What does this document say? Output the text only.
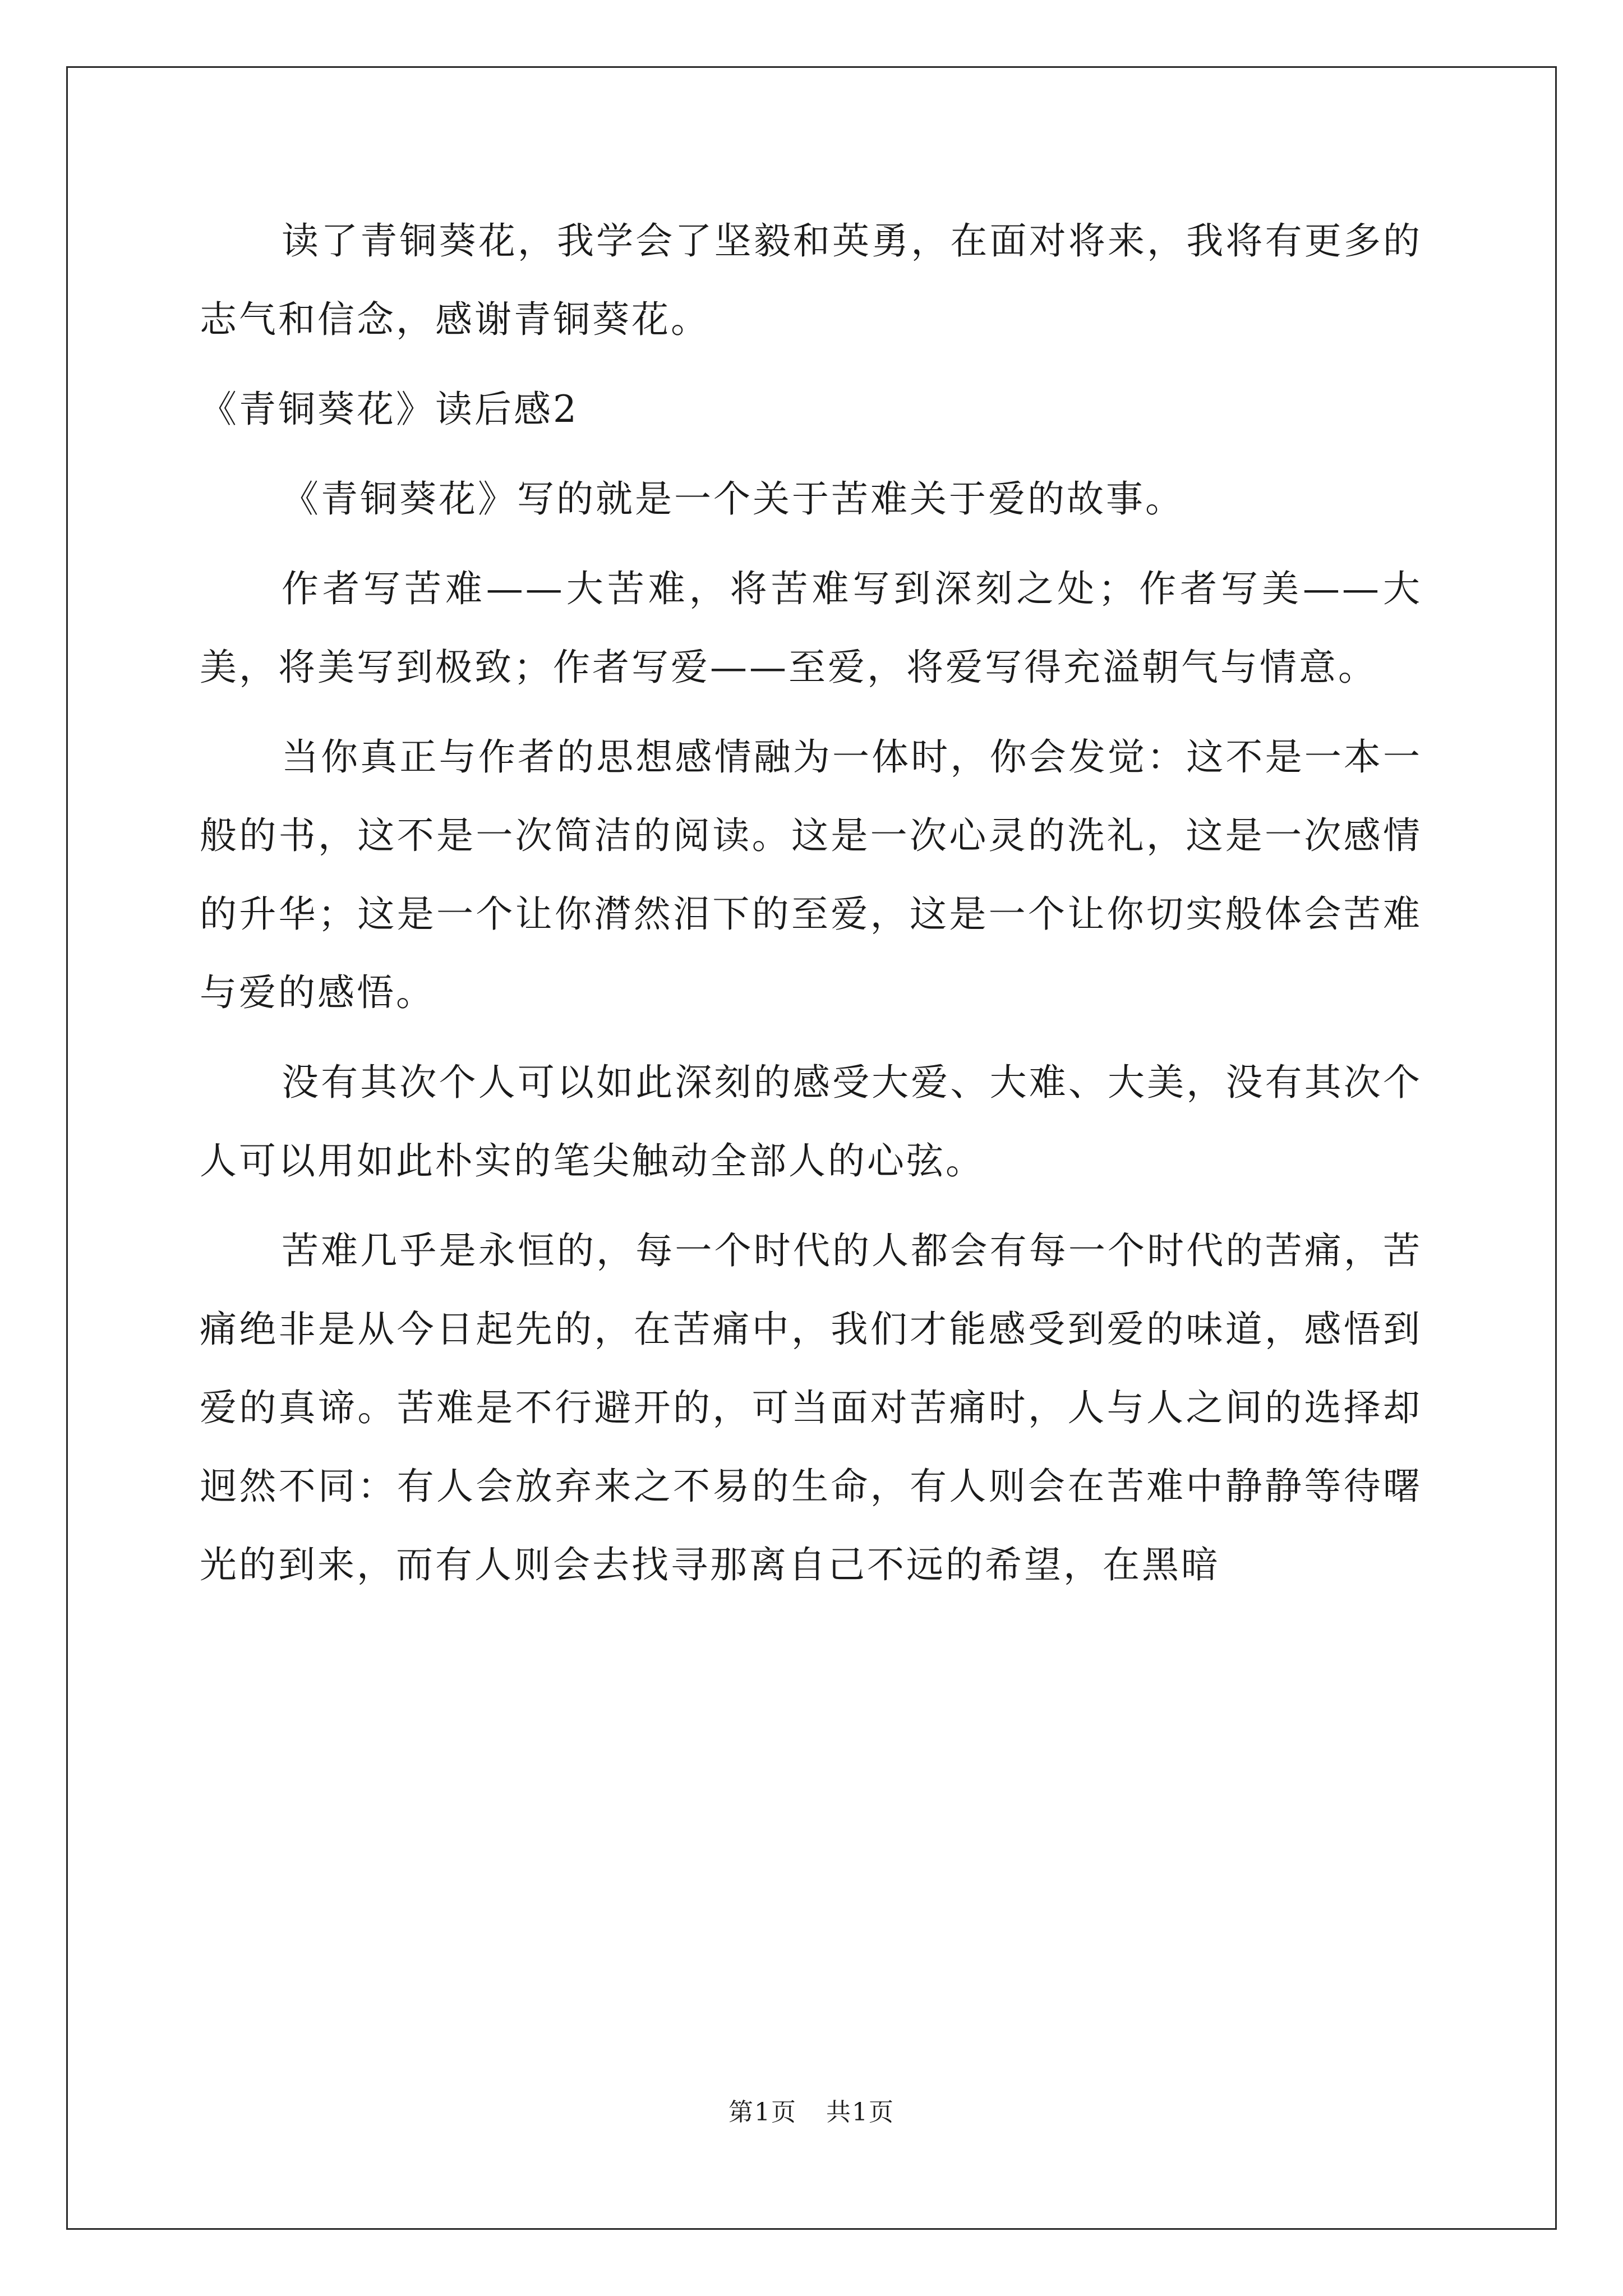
读了青铜葵花，我学会了坚毅和英勇，在面对将来，我将有更多的志气和信念，感谢青铜葵花。

《青铜葵花》读后感2

《青铜葵花》写的就是一个关于苦难关于爱的故事。

作者写苦难——大苦难，将苦难写到深刻之处；作者写美——大美，将美写到极致；作者写爱——至爱，将爱写得充溢朝气与情意。

当你真正与作者的思想感情融为一体时，你会发觉：这不是一本一般的书，这不是一次简洁的阅读。这是一次心灵的洗礼，这是一次感情的升华；这是一个让你潸然泪下的至爱，这是一个让你切实般体会苦难与爱的感悟。

没有其次个人可以如此深刻的感受大爱、大难、大美，没有其次个人可以用如此朴实的笔尖触动全部人的心弦。

苦难几乎是永恒的，每一个时代的人都会有每一个时代的苦痛，苦痛绝非是从今日起先的，在苦痛中，我们才能感受到爱的味道，感悟到爱的真谛。苦难是不行避开的，可当面对苦痛时，人与人之间的选择却迥然不同：有人会放弃来之不易的生命，有人则会在苦难中静静等待曙光的到来，而有人则会去找寻那离自己不远的希望，在黑暗

第1页 共1页
